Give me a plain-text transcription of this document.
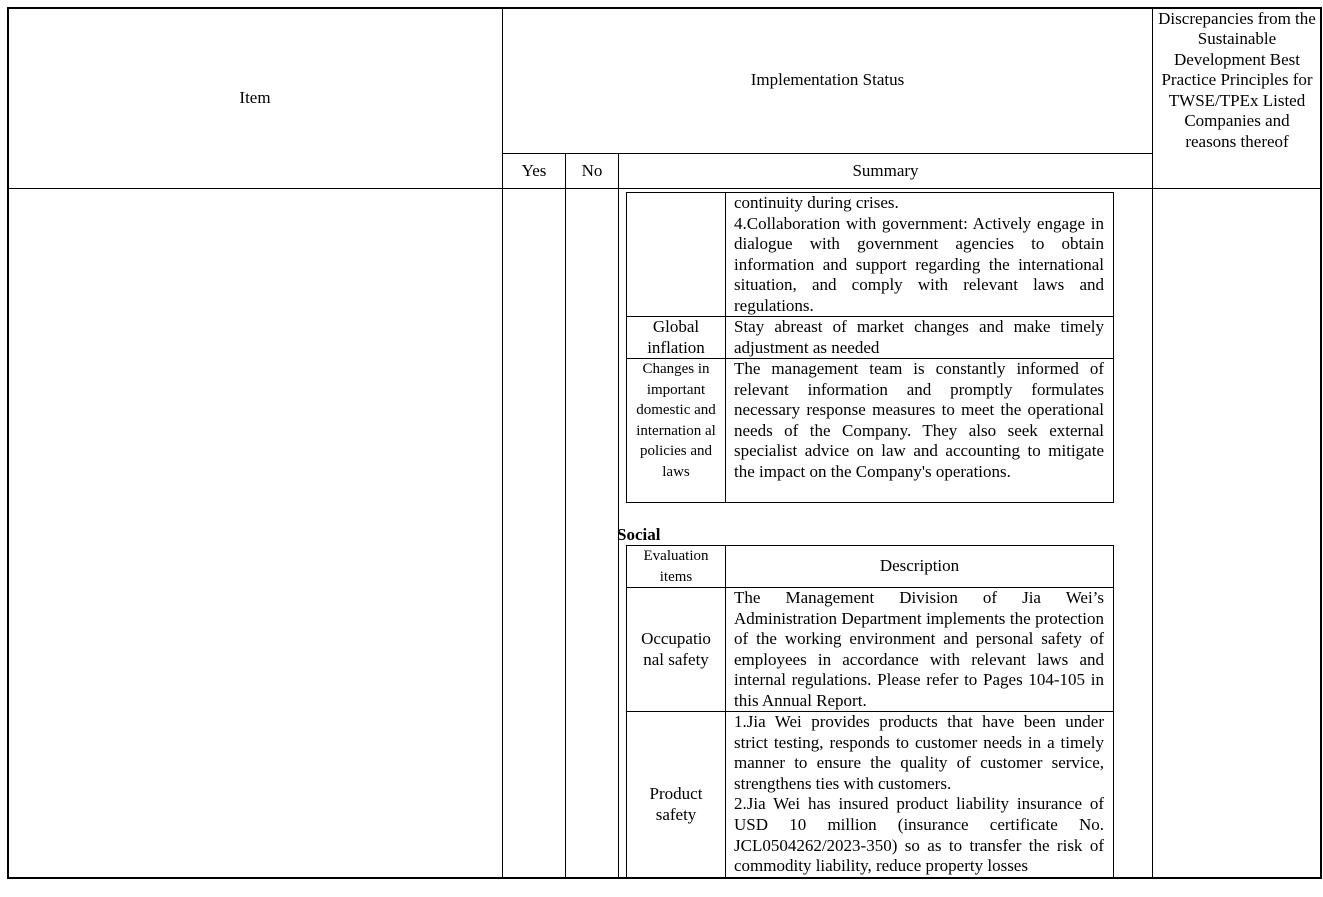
Item
Implementation Status
Yes	No	Summary
Discrepancies from the Sustainable Development Best Practice Principles for TWSE/TPEx Listed Companies and reasons thereof
continuity during crises.
4.Collaboration with government: Actively engage in dialogue with government agencies to obtain information and support regarding the international situation, and comply with relevant laws and regulations.
Global inflation
Stay abreast of market changes and make timely adjustment as needed
Changes in important domestic and internation al policies and laws
The management team is constantly informed of relevant information and promptly formulates necessary response measures to meet the operational needs of the Company. They also seek external specialist advice on law and accounting to mitigate the impact on the Company's operations.
Social
Evaluation items
Description
Occupatio nal safety
The Management Division of Jia Wei’s Administration Department implements the protection of the working environment and personal safety of employees in accordance with relevant laws and internal regulations. Please refer to Pages 104-105 in this Annual Report.
Product safety
1.Jia Wei provides products that have been under strict testing, responds to customer needs in a timely manner to ensure the quality of customer service, strengthens ties with customers.
2.Jia Wei has insured product liability insurance of USD 10 million (insurance certificate No. JCL0504262/2023-350) so as to transfer the risk of commodity liability, reduce property losses
